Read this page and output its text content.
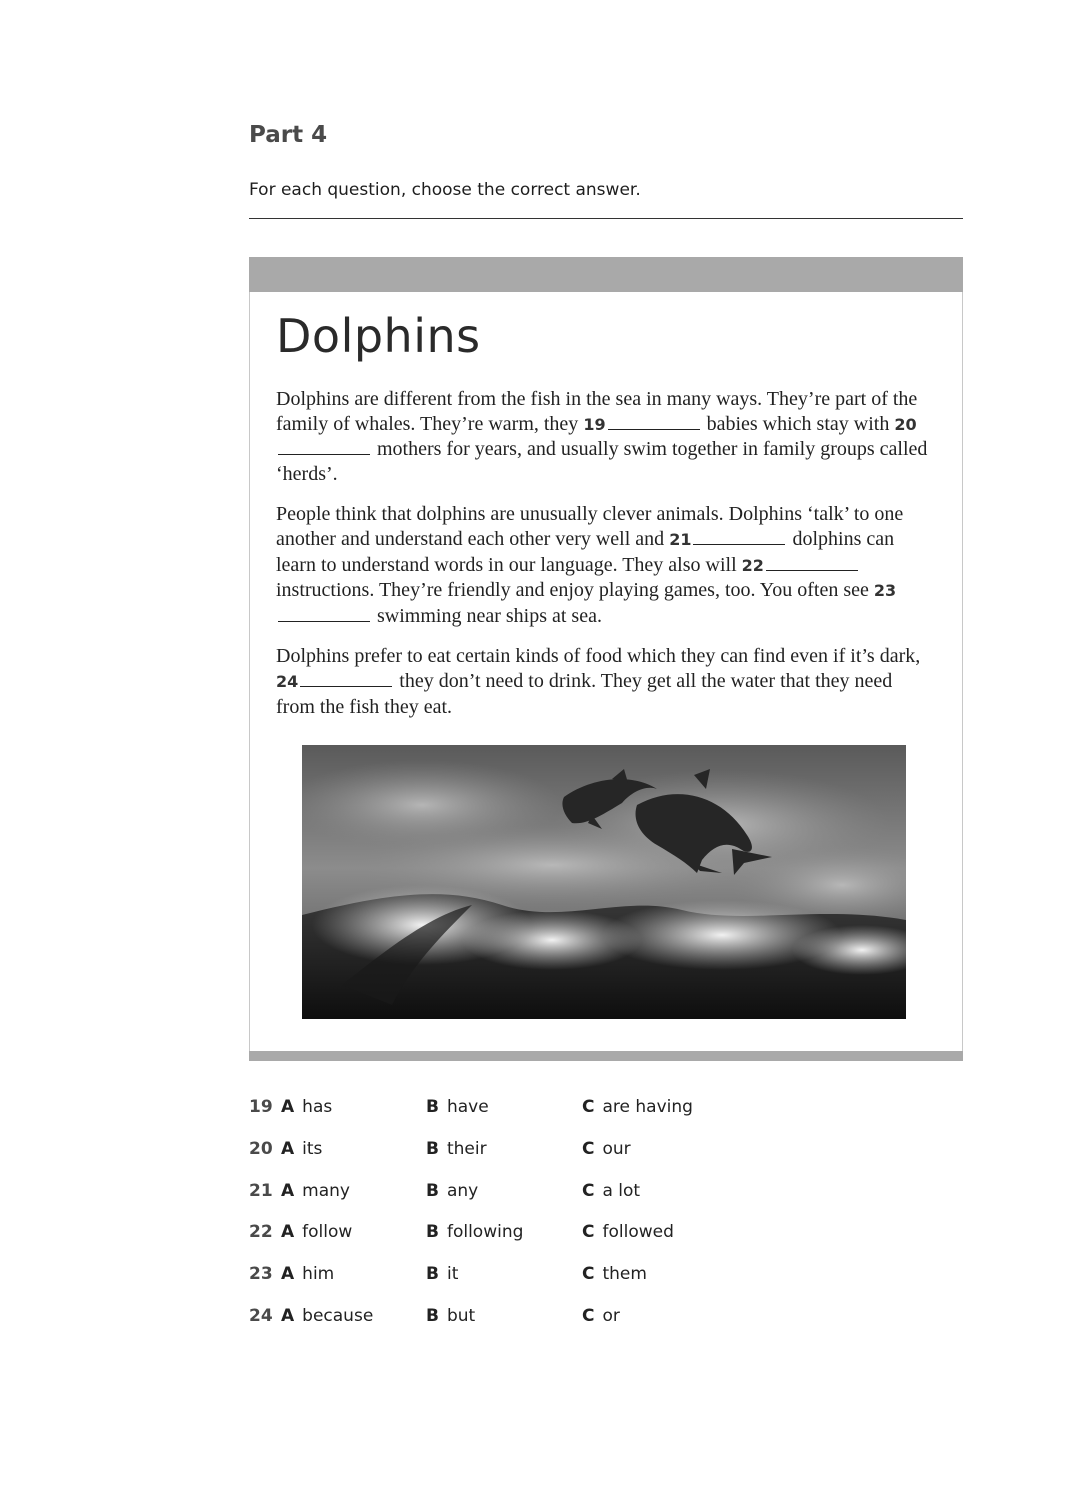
Part 4

For each question, choose the correct answer.

Dolphins

Dolphins are different from the fish in the sea in many ways. They’re part of the family of whales. They’re warm, they 19	babies which stay with 20 mothers for years, and usually swim together in family groups called ‘herds’.

People think that dolphins are unusually clever animals. Dolphins ‘talk’ to one another and understand each other very well and 21	dolphins can learn to understand words in our language. They also will 22 instructions. They’re friendly and enjoy playing games, too. You often see 23 swimming near ships at sea.

Dolphins prefer to eat certain kinds of food which they can find even if it’s dark, 24	they don’t need to drink. They get all the water that they need from the fish they eat.

19 A has	B have	C are having
20 A its	B their	C our
21 A many	B any	C a lot
22 A follow	B following	C followed
23 A him	B it	C them
24 A because	B but	C or
